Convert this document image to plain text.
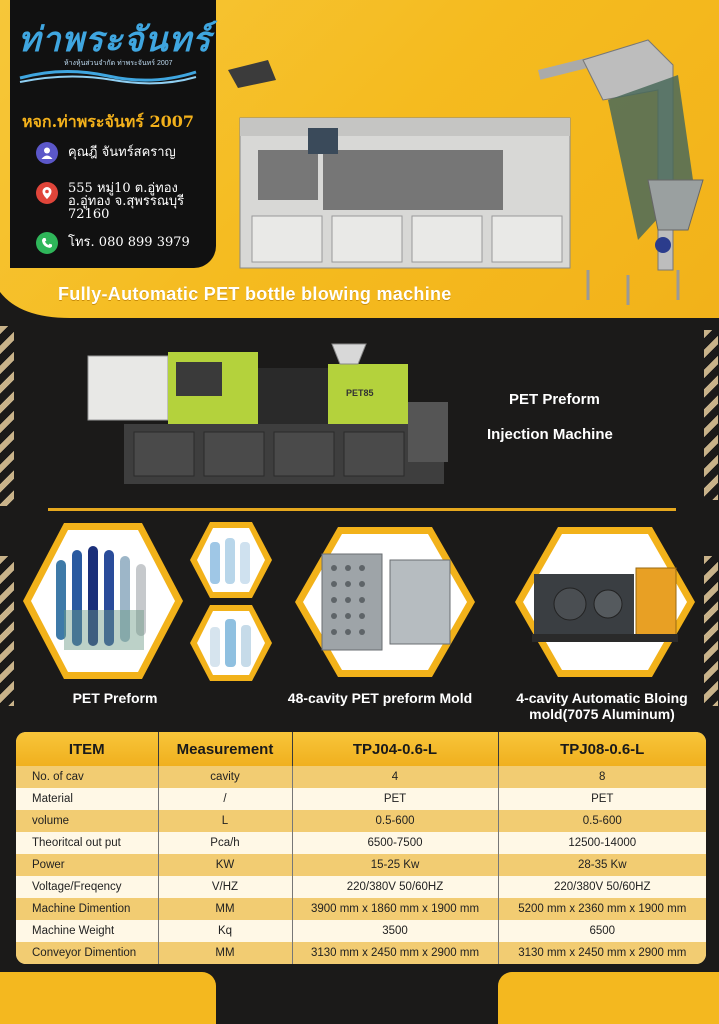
ท่าพระจันทร์
ห้างหุ้นส่วนจำกัด ท่าพระจันทร์ 2007
หจก.ท่าพระจันทร์ 2007
คุณฎี จันทร์สคราญ
555 หมู่10 ต.อู่ทอง
อ.อู่ทอง จ.สุพรรณบุรี
72160
โทร. 080 899 3979
Fully-Automatic PET bottle blowing machine
PET85	PET Preform
Injection Machine
PET Preform	48-cavity PET preform Mold	4-cavity Automatic Bloing
mold(7075 Aluminum)
ITEM	Measurement	TPJ04-0.6-L	TPJ08-0.6-L
No. of cav	cavity	4	8
Material	/	PET	PET
volume	L	0.5-600	0.5-600
Theoritcal out put	Pca/h	6500-7500	12500-14000
Power	KW	15-25 Kw	28-35 Kw
Voltage/Freqency	V/HZ	220/380V 50/60HZ	220/380V 50/60HZ
Machine Dimention	MM	3900 mm x 1860 mm x 1900 mm	5200 mm x 2360 mm x 1900 mm
Machine Weight	Kq	3500	6500
Conveyor Dimention	MM	3130 mm x 2450 mm x 2900 mm	3130 mm x 2450 mm x 2900 mm
